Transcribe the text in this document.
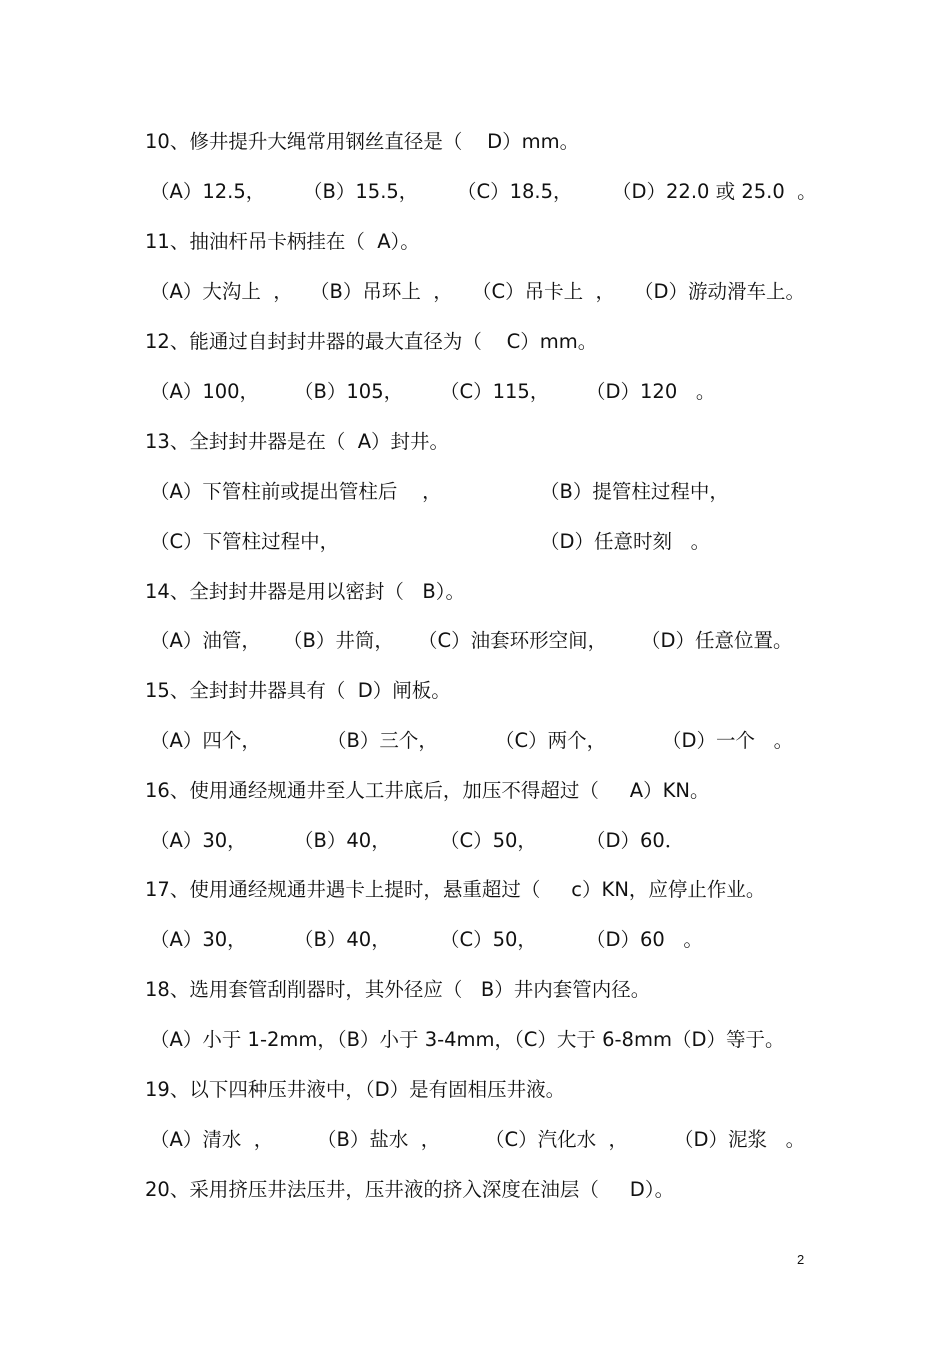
10、修井提升大绳常用钢丝直径是（    D）mm。
（A）12.5， （B）15.5， （C）18.5， （D）22.0 或 25.0  。
11、抽油杆吊卡柄挂在（  A）。
（A）大沟上  ， （B）吊环上  ， （C）吊卡上  ， （D）游动滑车上。
12、能通过自封封井器的最大直径为（    C）mm。
（A）100， （B）105， （C）115， （D）120   。
13、全封封井器是在（  A）封井。
（A）下管柱前或提出管柱后    ，	（B）提管柱过程中，
（C）下管柱过程中，	（D）任意时刻   。
14、全封封井器是用以密封（   B）。
（A）油管， （B）井筒， （C）油套环形空间， （D）任意位置。
15、全封封井器具有（  D）闸板。
（A）四个，	（B）三个，	（C）两个，	（D）一个   。
16、使用通经规通井至人工井底后，加压不得超过（     A）KN。
（A）30， （B）40，	（C）50，	（D）60．
17、使用通经规通井遇卡上提时，悬重超过（     c）KN，应停止作业。
（A）30， （B）40，	（C）50，	（D）60   。
18、选用套管刮削器时，其外径应（   B）井内套管内径。
（A）小于 1-2mm，（B）小于 3-4mm，（C）大于 6-8mm（D）等于。
19、以下四种压井液中，（D）是有固相压井液。
（A）清水  ， （B）盐水  ， （C）汽化水  ， （D）泥浆   。
20、采用挤压井法压井，压井液的挤入深度在油层（     D）。
2
